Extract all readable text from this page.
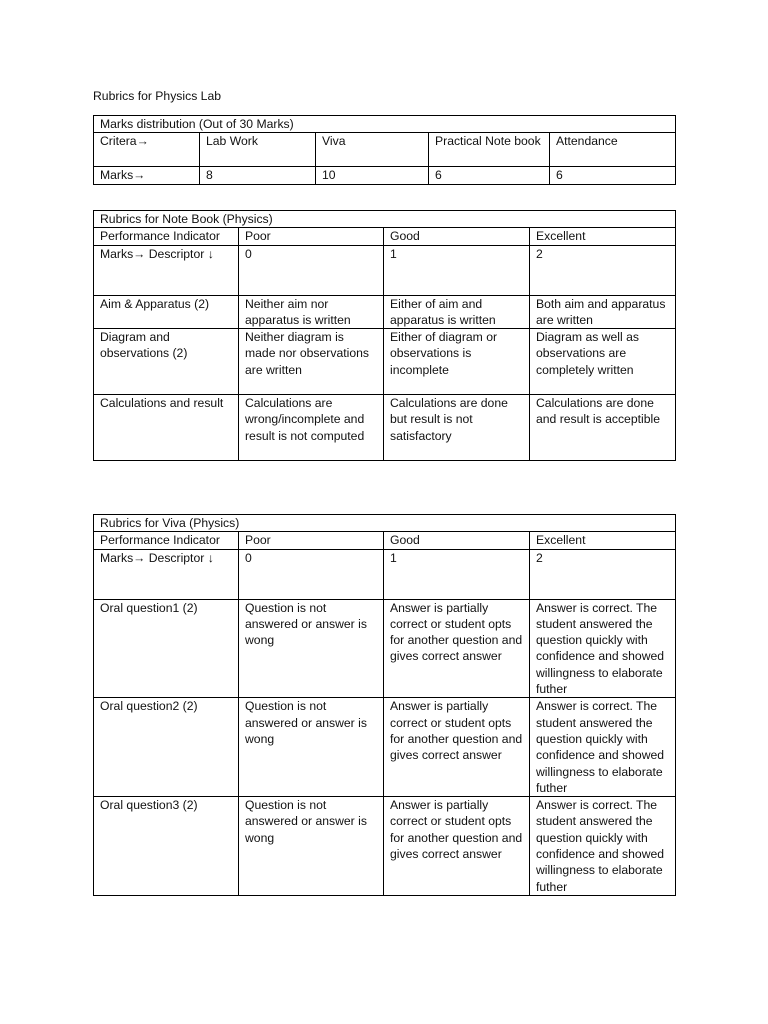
Rubrics for Physics Lab
Marks distribution (Out of 30 Marks)				
Critera→	Lab Work	Viva	Practical Note book	Attendance
Marks→	8	10	6	6
Rubrics for Note Book (Physics)			
Performance Indicator	Poor	Good	Excellent
Marks→ Descriptor ↓	0	1	2
Aim & Apparatus (2)	Neither aim nor apparatus is written	Either of aim and apparatus is written	Both aim and apparatus are written
Diagram and observations (2)	Neither diagram is made nor observations are written	Either of diagram or observations is incomplete	Diagram as well as observations are completely written
Calculations and result	Calculations are wrong/incomplete and result is not computed	Calculations are done but result is not satisfactory	Calculations are done and result is acceptible
Rubrics for Viva (Physics)			
Performance Indicator	Poor	Good	Excellent
Marks→ Descriptor ↓	0	1	2
Oral question1 (2)	Question is not answered or answer is wong	Answer is partially correct or student opts for another question and gives correct answer	Answer is correct. The student answered the question quickly with confidence and showed willingness to elaborate futher
Oral question2 (2)	Question is not answered or answer is wong	Answer is partially correct or student opts for another question and gives correct answer	Answer is correct. The student answered the question quickly with confidence and showed willingness to elaborate futher
Oral question3 (2)	Question is not answered or answer is wong	Answer is partially correct or student opts for another question and gives correct answer	Answer is correct. The student answered the question quickly with confidence and showed willingness to elaborate futher
